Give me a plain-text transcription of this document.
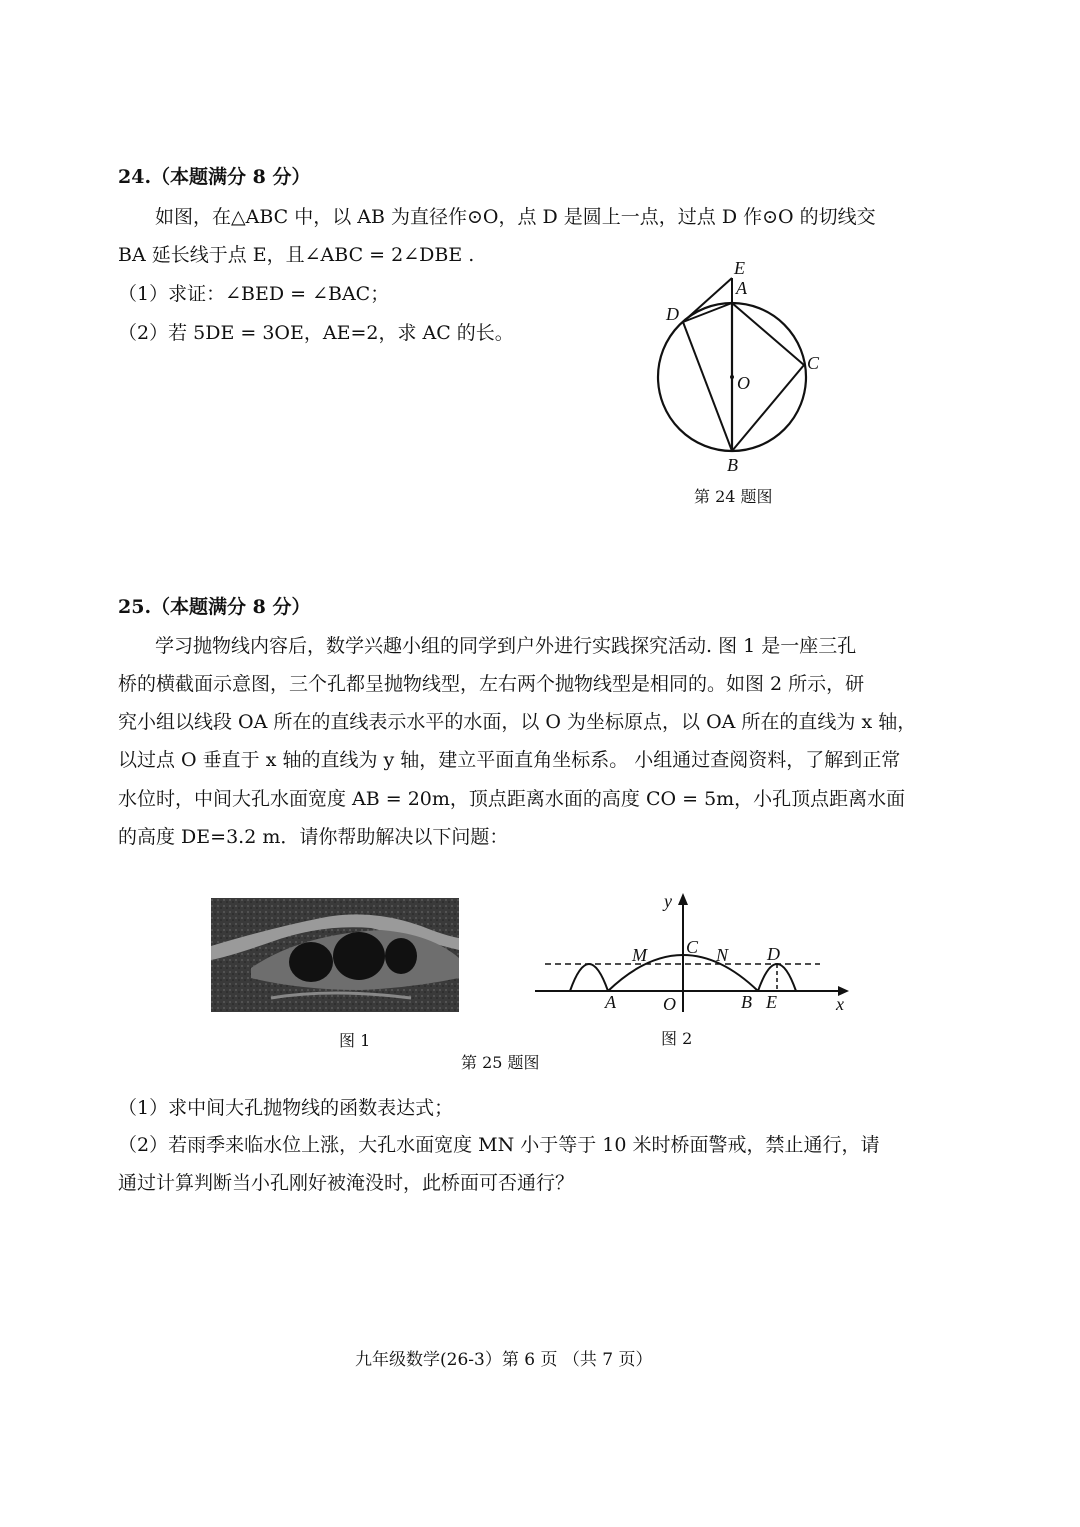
24.（本题满分 8 分）
如图，在△ABC 中，以 AB 为直径作⊙O，点 D 是圆上一点，过点 D 作⊙O 的切线交
BA 延长线于点 E，且∠ABC = 2∠DBE .
（1）求证：∠BED = ∠BAC；
（2）若 5DE = 3OE，AE=2，求 AC 的长。
E
A
D
C
O
B
第 24 题图
25.（本题满分 8 分）
学习抛物线内容后，数学兴趣小组的同学到户外进行实践探究活动. 图 1 是一座三孔
桥的横截面示意图，三个孔都呈抛物线型，左右两个抛物线型是相同的。如图 2 所示，研
究小组以线段 OA 所在的直线表示水平的水面，以 O 为坐标原点，以 OA 所在的直线为 x 轴，
以过点 O 垂直于 x 轴的直线为 y 轴，建立平面直角坐标系。 小组通过查阅资料，了解到正常
水位时，中间大孔水面宽度 AB = 20m，顶点距离水面的高度 CO = 5m，小孔顶点距离水面
的高度 DE=3.2 m．请你帮助解决以下问题：
y
x
M C N D
A	O	B E
图 1	图 2
第 25 题图
（1）求中间大孔抛物线的函数表达式；
（2）若雨季来临水位上涨，大孔水面宽度 MN 小于等于 10 米时桥面警戒，禁止通行，请
通过计算判断当小孔刚好被淹没时，此桥面可否通行？
九年级数学(26-3）第 6 页 （共 7 页）
